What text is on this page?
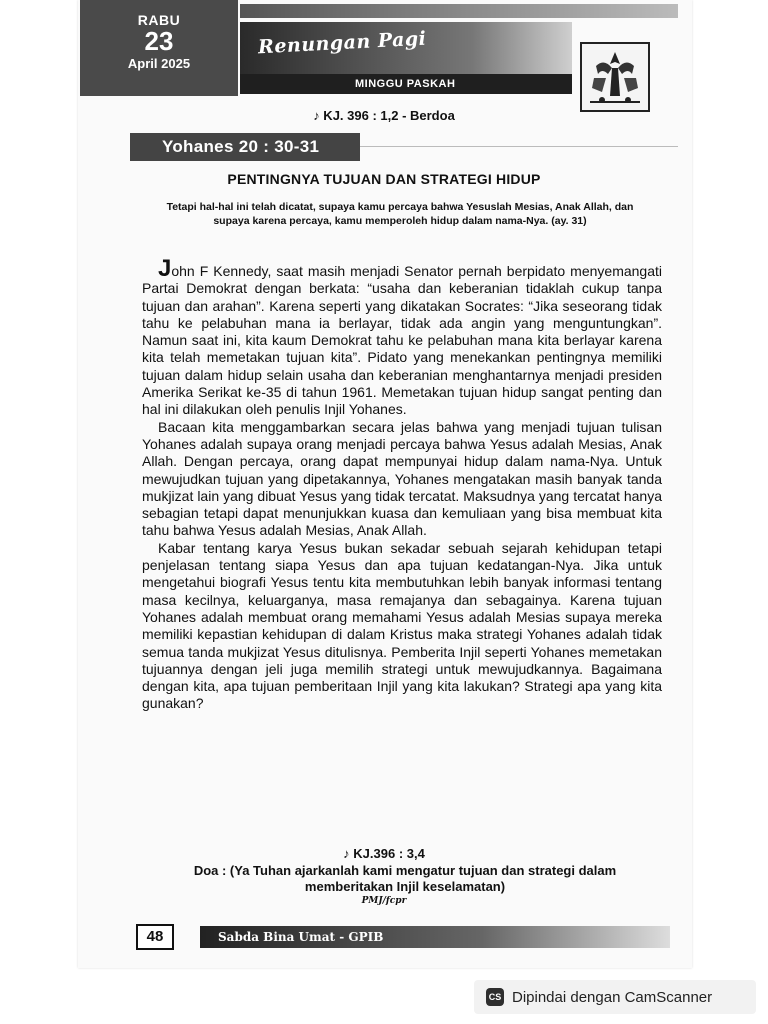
RABU
23
April 2025
Renungan Pagi
MINGGU PASKAH
♪ KJ. 396 : 1,2 - Berdoa
Yohanes 20 : 30-31
PENTINGNYA TUJUAN DAN STRATEGI HIDUP
Tetapi hal-hal ini telah dicatat, supaya kamu percaya bahwa Yesuslah Mesias, Anak Allah, dan supaya karena percaya, kamu memperoleh hidup dalam nama-Nya. (ay. 31)

John F Kennedy, saat masih menjadi Senator pernah berpidato menyemangati Partai Demokrat dengan berkata: “usaha dan keberanian tidaklah cukup tanpa tujuan dan arahan”. Karena seperti yang dikatakan Socrates: “Jika seseorang tidak tahu ke pelabuhan mana ia berlayar, tidak ada angin yang menguntungkan”. Namun saat ini, kita kaum Demokrat tahu ke pelabuhan mana kita berlayar karena kita telah memetakan tujuan kita”. Pidato yang menekankan pentingnya memiliki tujuan dalam hidup selain usaha dan keberanian menghantarnya menjadi presiden Amerika Serikat ke-35 di tahun 1961. Memetakan tujuan hidup sangat penting dan hal ini dilakukan oleh penulis Injil Yohanes.

Bacaan kita menggambarkan secara jelas bahwa yang menjadi tujuan tulisan Yohanes adalah supaya orang menjadi percaya bahwa Yesus adalah Mesias, Anak Allah. Dengan percaya, orang dapat mempunyai hidup dalam nama-Nya. Untuk mewujudkan tujuan yang dipetakannya, Yohanes mengatakan masih banyak tanda mukjizat lain yang dibuat Yesus yang tidak tercatat. Maksudnya yang tercatat hanya sebagian tetapi dapat menunjukkan kuasa dan kemuliaan yang bisa membuat kita tahu bahwa Yesus adalah Mesias, Anak Allah.

Kabar tentang karya Yesus bukan sekadar sebuah sejarah kehidupan tetapi penjelasan tentang siapa Yesus dan apa tujuan kedatangan-Nya. Jika untuk mengetahui biografi Yesus tentu kita membutuhkan lebih banyak informasi tentang masa kecilnya, keluarganya, masa remajanya dan sebagainya. Karena tujuan Yohanes adalah membuat orang memahami Yesus adalah Mesias supaya mereka memiliki kepastian kehidupan di dalam Kristus maka strategi Yohanes adalah tidak semua tanda mukjizat Yesus ditulisnya. Pemberita Injil seperti Yohanes memetakan tujuannya dengan jeli juga memilih strategi untuk mewujudkannya. Bagaimana dengan kita, apa tujuan pemberitaan Injil yang kita lakukan? Strategi apa yang kita gunakan?

♪ KJ.396 : 3,4
Doa : (Ya Tuhan ajarkanlah kami mengatur tujuan dan strategi dalam memberitakan Injil keselamatan)
PMJ/fcpr
48	Sabda Bina Umat - GPIB
CS Dipindai dengan CamScanner
